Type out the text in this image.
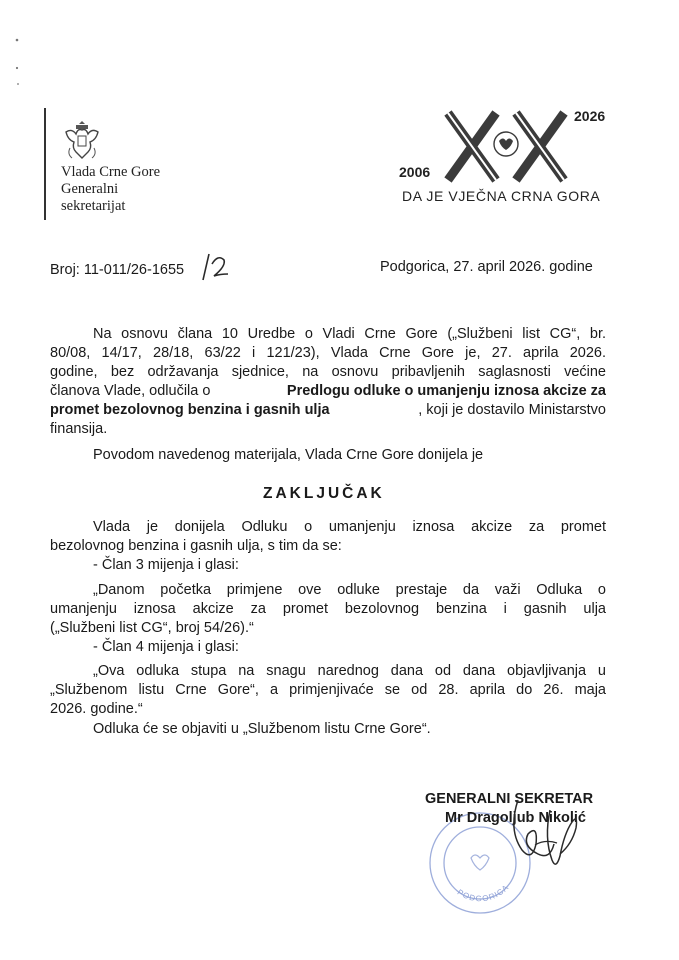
Vlada Crne Gore
Generalni
sekretarijat
2006
2026
DA JE VJEČNA CRNA GORA
Broj: 11-011/26-1655	Podgorica, 27. april 2026. godine
Na osnovu člana 10 Uredbe o Vladi Crne Gore („Službeni list CG“, br.
80/08, 14/17, 28/18, 63/22 i 121/23), Vlada Crne Gore je, 27. aprila 2026.
godine, bez održavanja sjednice, na osnovu pribavljenih saglasnosti većine
članova Vlade, odlučila o	Predlogu odluke o umanjenju iznosa akcize za
promet bezolovnog benzina i gasnih ulja	, koji je dostavilo Ministarstvo
finansija.
Povodom navedenog materijala, Vlada Crne Gore donijela je
ZAKLJUČAK
Vlada je donijela Odluku o umanjenju iznosa akcize za promet
bezolovnog benzina i gasnih ulja, s tim da se:
- Član 3 mijenja i glasi:
„Danom početka primjene ove odluke prestaje da važi Odluka o
umanjenju iznosa akcize za promet bezolovnog benzina i gasnih ulja
(„Službeni list CG“, broj 54/26).“
- Član 4 mijenja i glasi:
„Ova odluka stupa na snagu narednog dana od dana objavljivanja u
„Službenom listu Crne Gore“, a primjenjivaće se od 28. aprila do 26. maja
2026. godine.“
Odluka će se objaviti u „Službenom listu Crne Gore“.
PODGORICA
GENERALNI SEKRETAR
Mr Dragoljub Nikolić
